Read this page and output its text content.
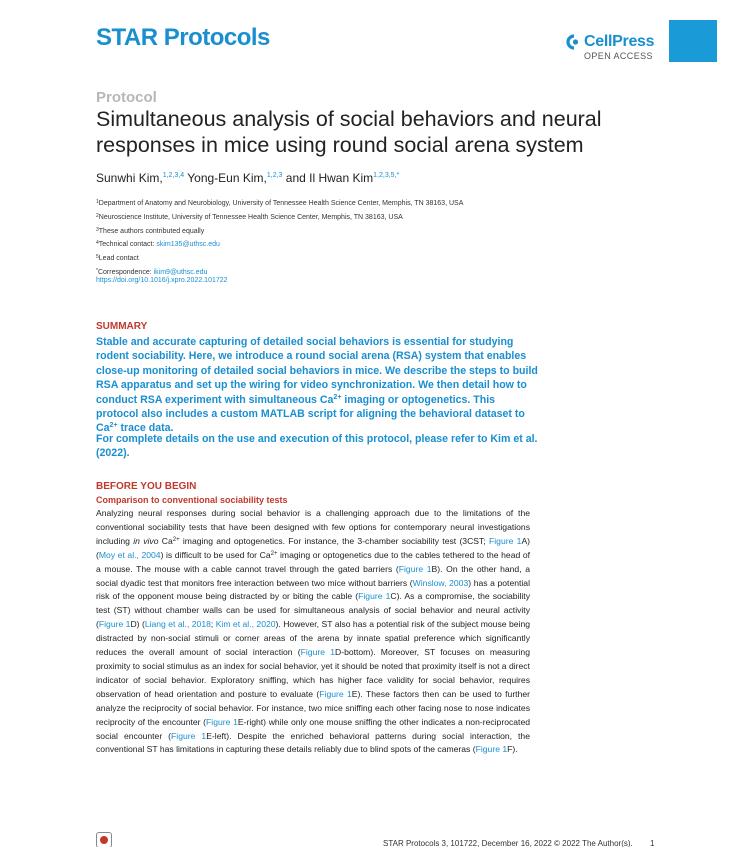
STAR Protocols	CellPress
OPEN ACCESS
Protocol
Simultaneous analysis of social behaviors and neural responses in mice using round social arena system
Sunwhi Kim,$^{1,2,3,4}$ Yong-Eun Kim,$^{1,2,3}$ and Il Hwan Kim$^{1,2,3,5,*}$
$^1$Department of Anatomy and Neurobiology, University of Tennessee Health Science Center, Memphis, TN 38163, USA
$^2$Neuroscience Institute, University of Tennessee Health Science Center, Memphis, TN 38163, USA
$^3$These authors contributed equally
$^4$Technical contact: skim135@uthsc.edu
$^5$Lead contact
*Correspondence: ikim9@uthsc.edu
https://doi.org/10.1016/j.xpro.2022.101722
SUMMARY
Stable and accurate capturing of detailed social behaviors is essential for studying rodent sociability. Here, we introduce a round social arena (RSA) system that enables close-up monitoring of detailed social behaviors in mice. We describe the steps to build RSA apparatus and set up the wiring for video synchronization. We then detail how to conduct RSA experiment with simultaneous $Ca^{2+}$ imaging or optogenetics. This protocol also includes a custom MATLAB script for aligning the behavioral dataset to $Ca^{2+}$ trace data.
For complete details on the use and execution of this protocol, please refer to Kim et al. (2022).
BEFORE YOU BEGIN
Comparison to conventional sociability tests
Analyzing neural responses during social behavior is a challenging approach due to the limitations of the conventional sociability tests that have been designed with few options for contemporary neural investigations including in vivo $Ca^{2+}$ imaging and optogenetics. For instance, the 3-chamber sociability test (3CST; Figure 1A) (Moy et al., 2004) is difficult to be used for $Ca^{2+}$ imaging or optogenetics due to the cables tethered to the head of a mouse. The mouse with a cable cannot travel through the gated barriers (Figure 1B). On the other hand, a social dyadic test that monitors free interaction between two mice without barriers (Winslow, 2003) has a potential risk of the opponent mouse being distracted by or biting the cable (Figure 1C). As a compromise, the sociability test (ST) without chamber walls can be used for simultaneous analysis of social behavior and neural activity (Figure 1D) (Liang et al., 2018; Kim et al., 2020). However, ST also has a potential risk of the subject mouse being distracted by non-social stimuli or corner areas of the arena by innate spatial preference which significantly reduces the overall amount of social interaction (Figure 1D-bottom). Moreover, ST focuses on measuring proximity to social stimulus as an index for social behavior, yet it should be noted that proximity itself is not a direct indicator of social behavior. Exploratory sniffing, which has higher face validity for social behavior, requires observation of head orientation and posture to evaluate (Figure 1E). These factors then can be used to further analyze the reciprocity of social behavior. For instance, two mice sniffing each other facing nose to nose indicates reciprocity of the encounter (Figure 1E-right) while only one mouse sniffing the other indicates a non-reciprocated social encounter (Figure 1E-left). Despite the enriched behavioral patterns during social interaction, the conventional ST has limitations in capturing these details reliably due to blind spots of the cameras (Figure 1F).
STAR Protocols 3, 101722, December 16, 2022 © 2022 The Author(s). 1
